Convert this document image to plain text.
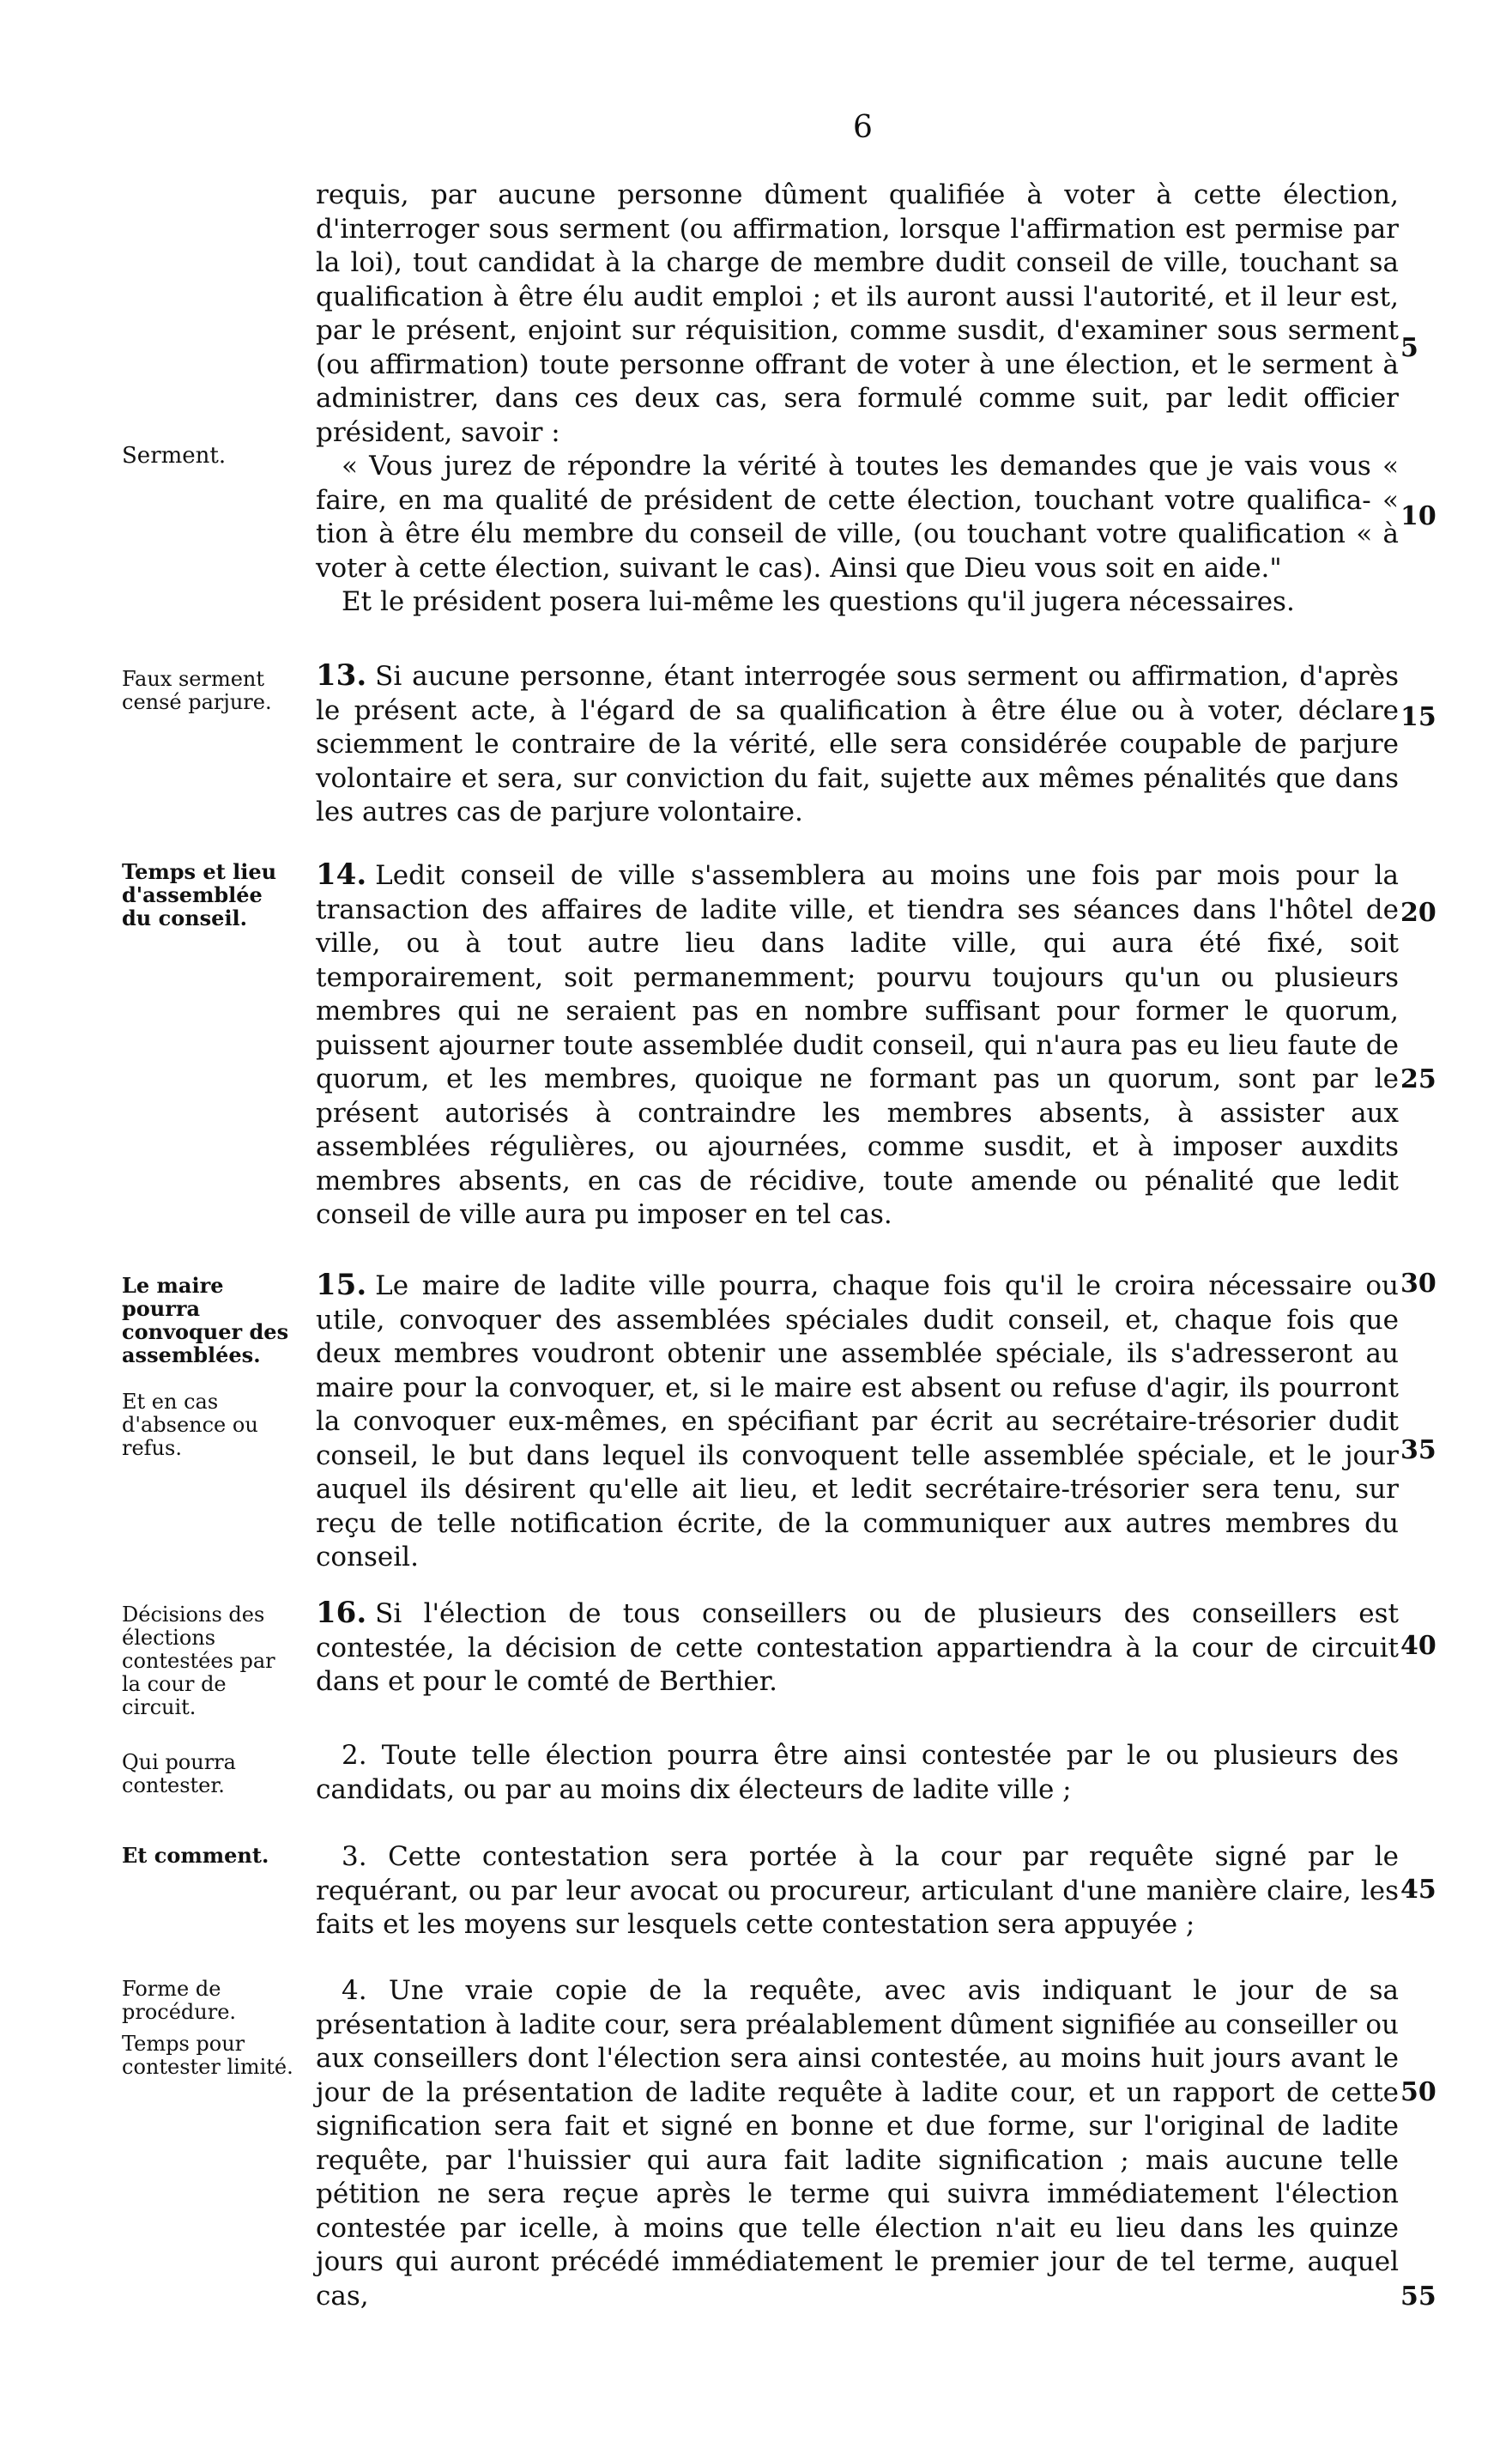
6

requis, par aucune personne dûment qualifiée à voter à cette élection, d'interroger sous serment (ou affirmation, lorsque l'affirmation est permise par la loi), tout candidat à la charge de membre dudit conseil de ville, touchant sa qualification à être élu audit emploi ; et ils auront aussi l'autorité, et il leur est, par le présent, enjoint sur réquisition, comme susdit, d'examiner sous serment (ou affirmation) toute personne offrant de voter à une élection, et le serment à administrer, dans ces deux cas, sera formulé comme suit, par ledit officier président, savoir :

« Vous jurez de répondre la vérité à toutes les demandes que je vais vous « faire, en ma qualité de président de cette élection, touchant votre qualifica- « tion à être élu membre du conseil de ville, (ou touchant votre qualification « à voter à cette élection, suivant le cas). Ainsi que Dieu vous soit en aide."

Et le président posera lui-même les questions qu'il jugera nécessaires.

13. Si aucune personne, étant interrogée sous serment ou affirmation, d'après le présent acte, à l'égard de sa qualification à être élue ou à voter, déclare sciemment le contraire de la vérité, elle sera considérée coupable de parjure volontaire et sera, sur conviction du fait, sujette aux mêmes pénalités que dans les autres cas de parjure volontaire.

14. Ledit conseil de ville s'assemblera au moins une fois par mois pour la transaction des affaires de ladite ville, et tiendra ses séances dans l'hôtel de ville, ou à tout autre lieu dans ladite ville, qui aura été fixé, soit temporairement, soit permanemment; pourvu toujours qu'un ou plusieurs membres qui ne seraient pas en nombre suffisant pour former le quorum, puissent ajourner toute assemblée dudit conseil, qui n'aura pas eu lieu faute de quorum, et les membres, quoique ne formant pas un quorum, sont par le présent autorisés à contraindre les membres absents, à assister aux assemblées régulières, ou ajournées, comme susdit, et à imposer auxdits membres absents, en cas de récidive, toute amende ou pénalité que ledit conseil de ville aura pu imposer en tel cas.

15. Le maire de ladite ville pourra, chaque fois qu'il le croira nécessaire ou utile, convoquer des assemblées spéciales dudit conseil, et, chaque fois que deux membres voudront obtenir une assemblée spéciale, ils s'adresseront au maire pour la convoquer, et, si le maire est absent ou refuse d'agir, ils pourront la convoquer eux-mêmes, en spécifiant par écrit au secrétaire-trésorier dudit conseil, le but dans lequel ils convoquent telle assemblée spéciale, et le jour auquel ils désirent qu'elle ait lieu, et ledit secrétaire-trésorier sera tenu, sur reçu de telle notification écrite, de la communiquer aux autres membres du conseil.

16. Si l'élection de tous conseillers ou de plusieurs des conseillers est contestée, la décision de cette contestation appartiendra à la cour de circuit dans et pour le comté de Berthier.

2. Toute telle élection pourra être ainsi contestée par le ou plusieurs des candidats, ou par au moins dix électeurs de ladite ville ;

3. Cette contestation sera portée à la cour par requête signé par le requérant, ou par leur avocat ou procureur, articulant d'une manière claire, les faits et les moyens sur lesquels cette contestation sera appuyée ;

4. Une vraie copie de la requête, avec avis indiquant le jour de sa présentation à ladite cour, sera préalablement dûment signifiée au conseiller ou aux conseillers dont l'élection sera ainsi contestée, au moins huit jours avant le jour de la présentation de ladite requête à ladite cour, et un rapport de cette signification sera fait et signé en bonne et due forme, sur l'original de ladite requête, par l'huissier qui aura fait ladite signification ; mais aucune telle pétition ne sera reçue après le terme qui suivra immédiatement l'élection contestée par icelle, à moins que telle élection n'ait eu lieu dans les quinze jours qui auront précédé immédiatement le premier jour de tel terme, auquel cas,

Serment.
Faux serment censé parjure.
Temps et lieu d'assemblée du conseil.
Le maire pourra convoquer des assemblées.
Et en cas d'absence ou refus.
Décisions des élections contestées par la cour de circuit.
Qui pourra contester.
Et comment.
Forme de procédure.
Temps pour contester limité.
5
10
15
20
25
30
35
40
45
50
55
